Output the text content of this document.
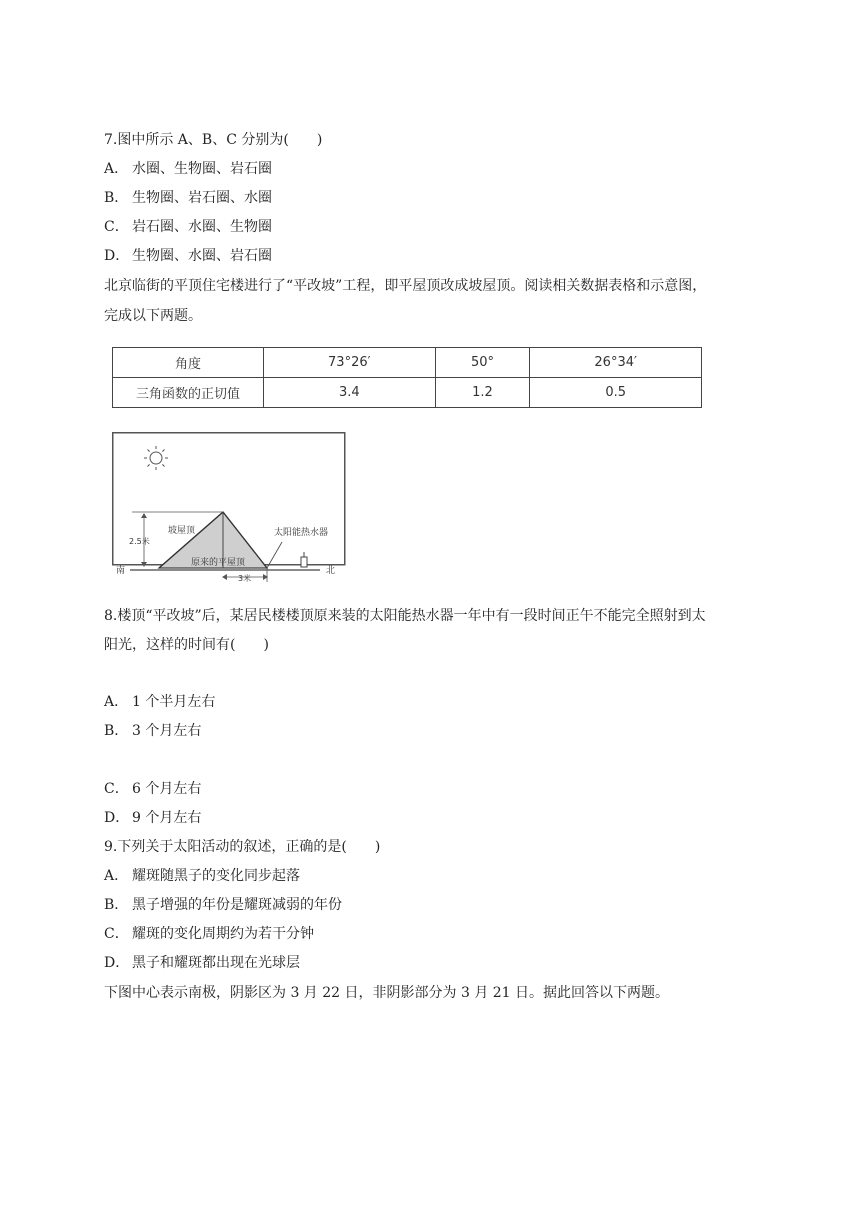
7.图中所示 A、B、C 分别为(　　)
A． 水圈、生物圈、岩石圈
B． 生物圈、岩石圈、水圈
C． 岩石圈、水圈、生物圈
D． 生物圈、水圈、岩石圈
北京临街的平顶住宅楼进行了“平改坡”工程，即平屋顶改成坡屋顶。阅读相关数据表格和示意图，
完成以下两题。
角度	73°26′	50°	26°34′
三角函数的正切值	3.4	1.2	0.5
坡屋顶
原来的平屋顶
太阳能热水器
2.5米
南	北
3米
8.楼顶“平改坡”后，某居民楼楼顶原来装的太阳能热水器一年中有一段时间正午不能完全照射到太
阳光，这样的时间有(　　)
A． 1 个半月左右
B． 3 个月左右
C． 6 个月左右
D． 9 个月左右
9.下列关于太阳活动的叙述，正确的是(　　)
A． 耀斑随黑子的变化同步起落
B． 黑子增强的年份是耀斑减弱的年份
C． 耀斑的变化周期约为若干分钟
D． 黑子和耀斑都出现在光球层
下图中心表示南极，阴影区为 3 月 22 日，非阴影部分为 3 月 21 日。据此回答以下两题。
